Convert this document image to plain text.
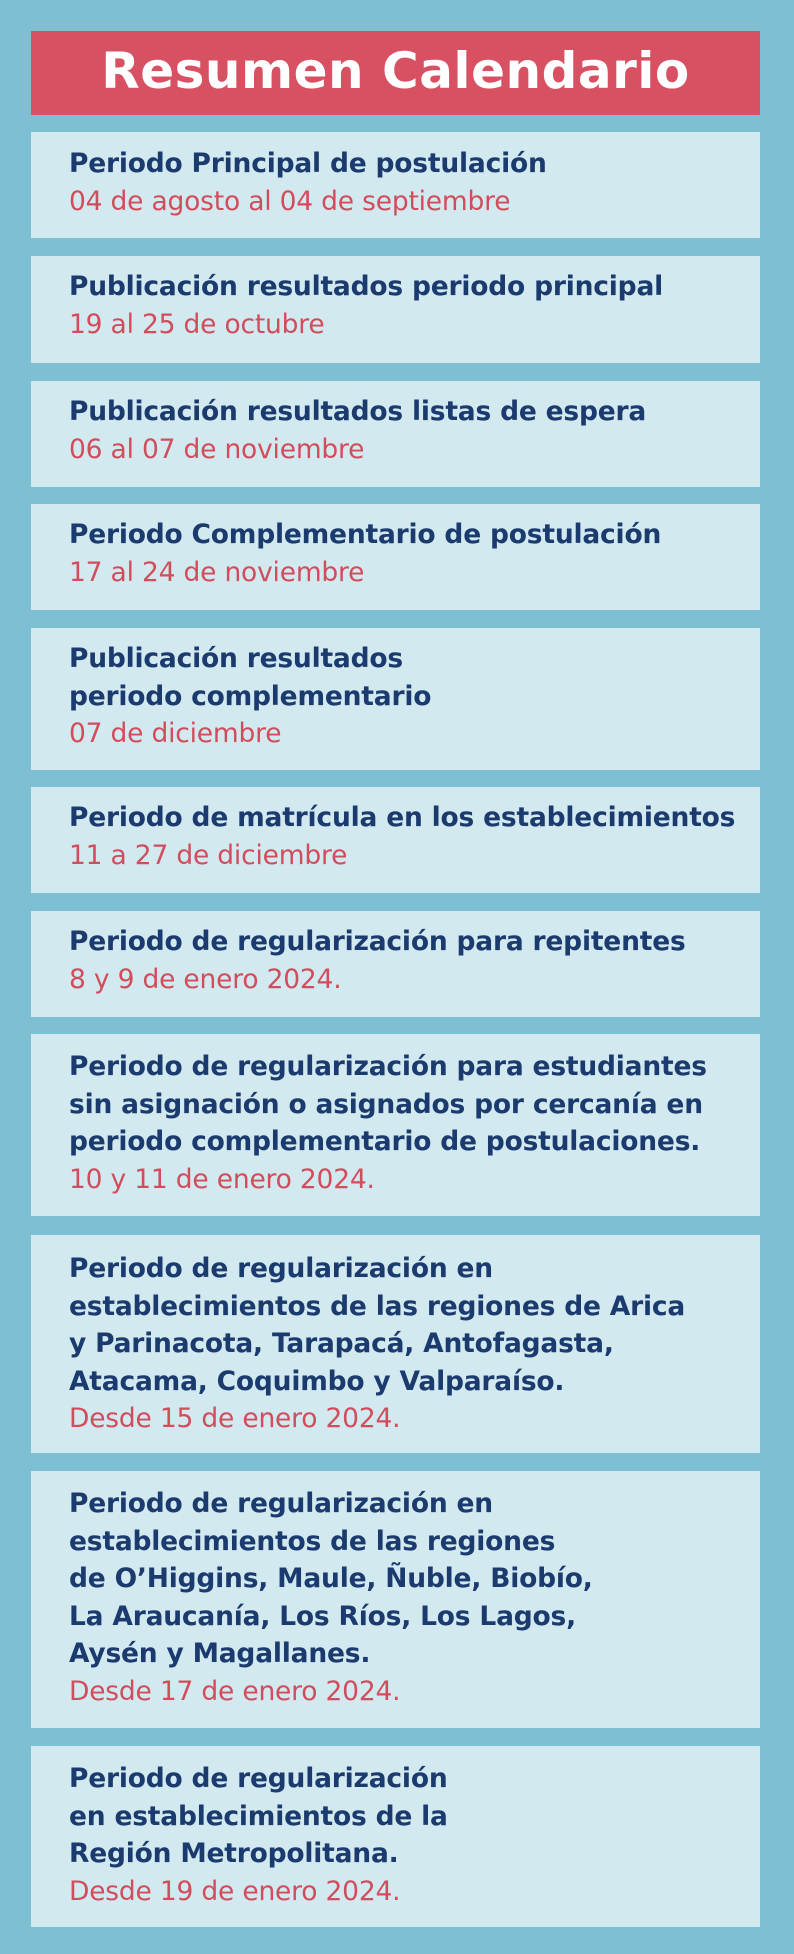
Resumen Calendario
Periodo Principal de postulación
04 de agosto al 04 de septiembre
Publicación resultados periodo principal
19 al 25 de octubre
Publicación resultados listas de espera
06 al 07 de noviembre
Periodo Complementario de postulación
17 al 24 de noviembre
Publicación resultados
periodo complementario
07 de diciembre
Periodo de matrícula en los establecimientos
11 a 27 de diciembre
Periodo de regularización para repitentes
8 y 9 de enero 2024.
Periodo de regularización para estudiantes
sin asignación o asignados por cercanía en
periodo complementario de postulaciones.
10 y 11 de enero 2024.
Periodo de regularización en
establecimientos de las regiones de Arica
y Parinacota, Tarapacá, Antofagasta,
Atacama, Coquimbo y Valparaíso.
Desde 15 de enero 2024.
Periodo de regularización en
establecimientos de las regiones
de O’Higgins, Maule, Ñuble, Biobío,
La Araucanía, Los Ríos, Los Lagos,
Aysén y Magallanes.
Desde 17 de enero 2024.
Periodo de regularización
en establecimientos de la
Región Metropolitana.
Desde 19 de enero 2024.
